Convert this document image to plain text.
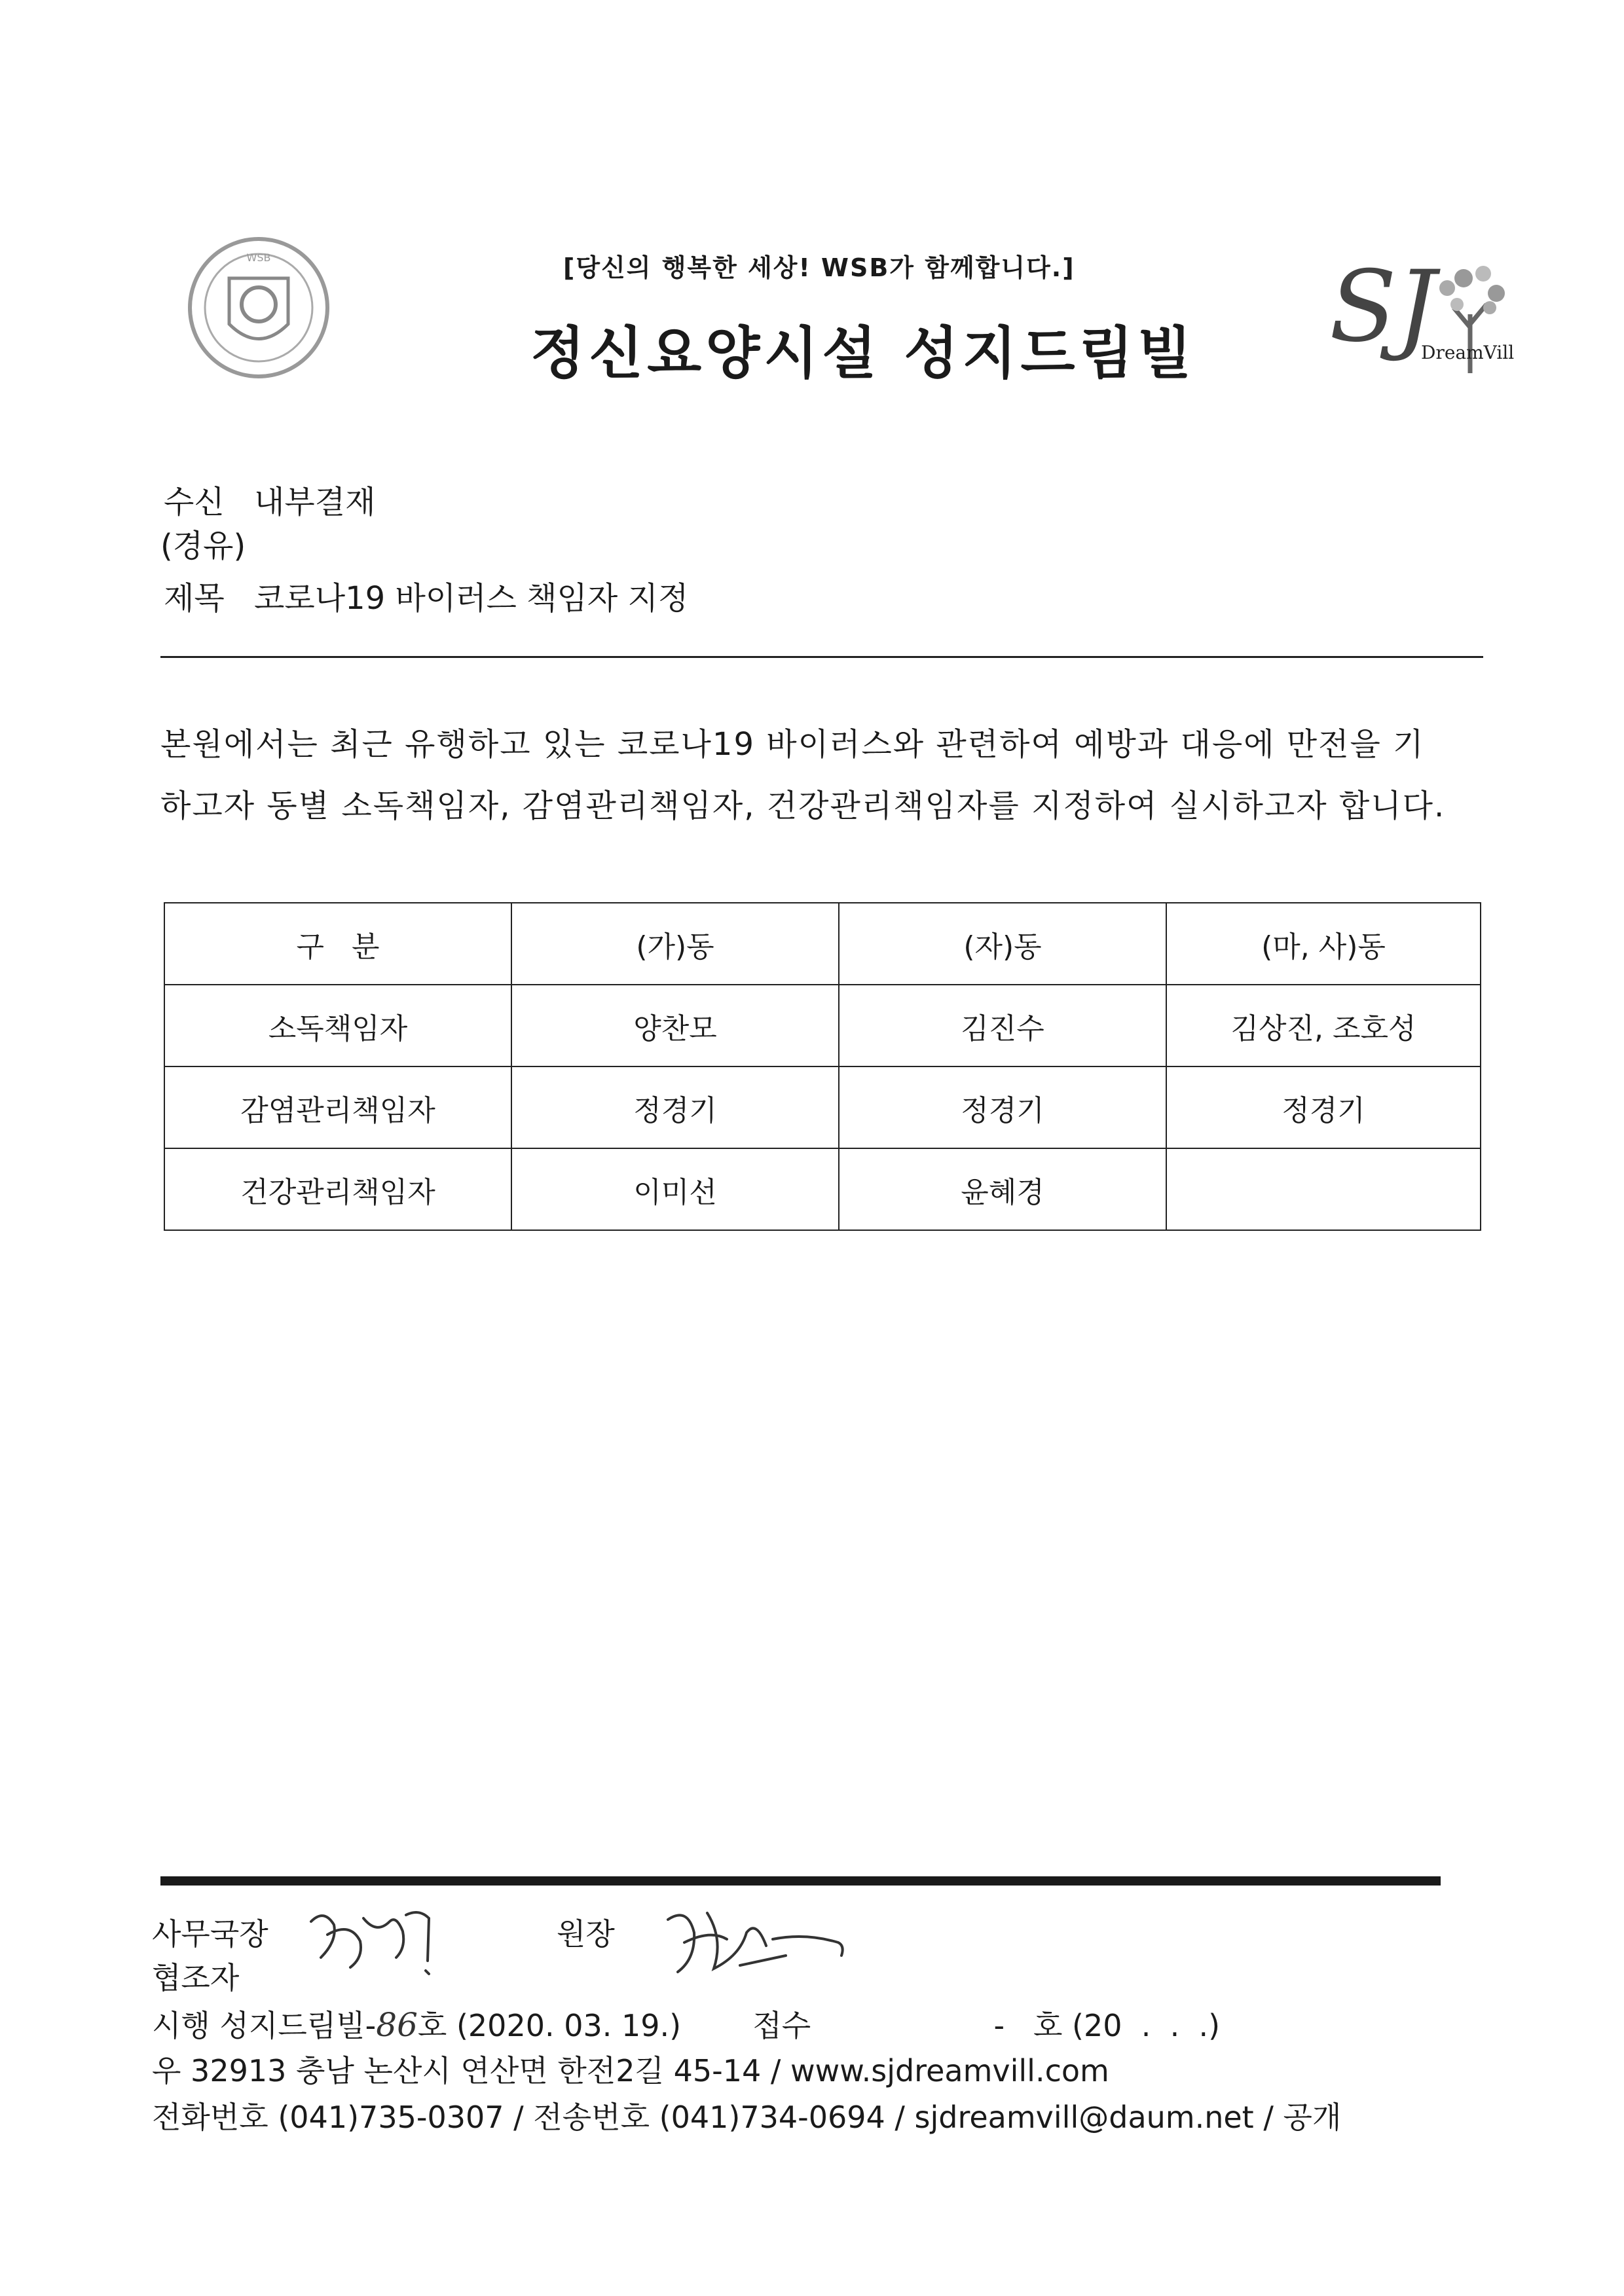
WSB	[당신의 행복한 세상! WSB가 함께합니다.]
정신요양시설 성지드림빌 SJ
DreamVill
수신 내부결재
(경유)
제목 코로나19 바이러스 책임자 지정
본원에서는 최근 유행하고 있는 코로나19 바이러스와 관련하여 예방과 대응에 만전을 기
하고자 동별 소독책임자, 감염관리책임자, 건강관리책임자를 지정하여 실시하고자 합니다.
구   분	(가)동	(자)동	(마, 사)동
소독책임자	양찬모	김진수	김상진, 조호성
감염관리책임자	정경기	정경기	정경기
건강관리책임자	이미선	윤혜경	
사무국장	원장
협조자
시행 성지드림빌-86호 (2020. 03. 19.) 접수	-   호 (20  .  .  .)
우 32913 충남 논산시 연산면 한전2길 45-14 / www.sjdreamvill.com
전화번호 (041)735-0307 / 전송번호 (041)734-0694 / sjdreamvill@daum.net / 공개
